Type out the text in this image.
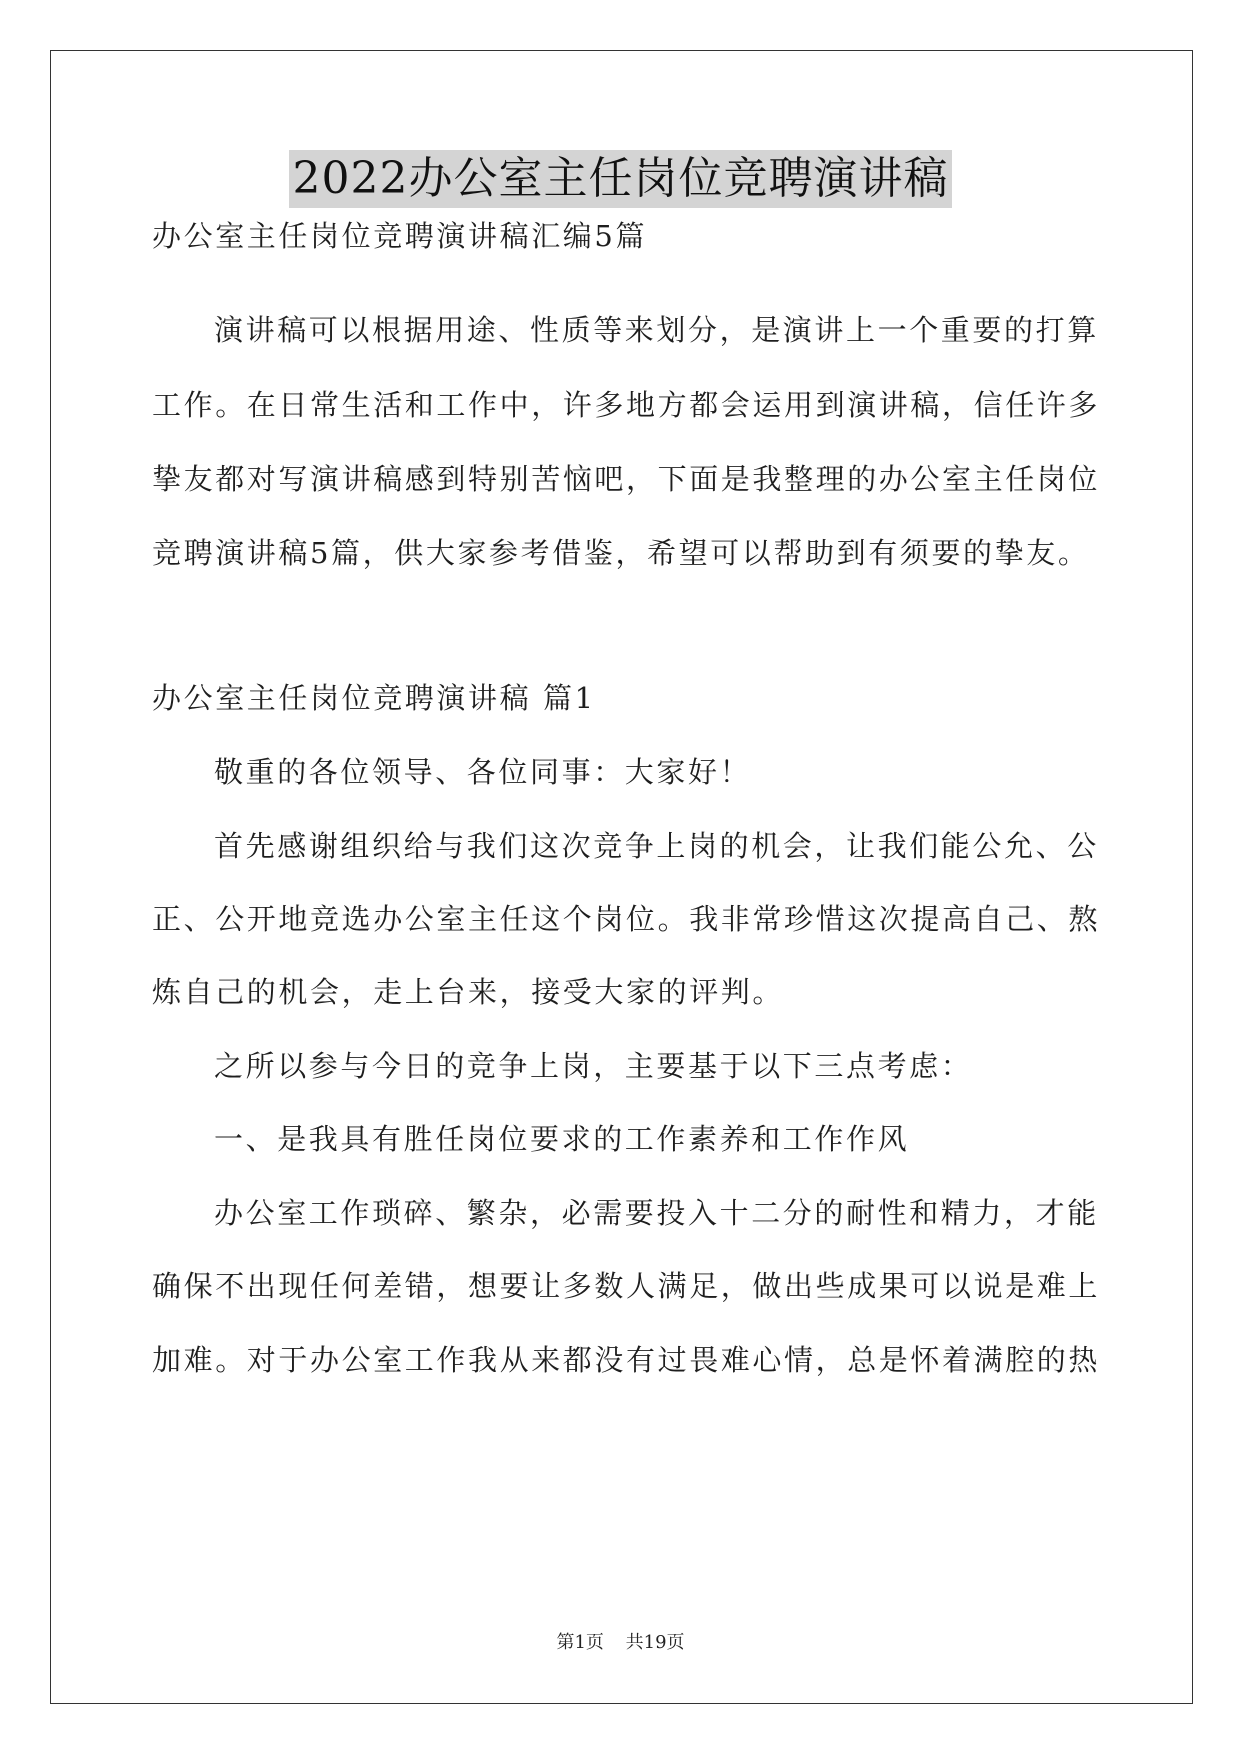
2022办公室主任岗位竞聘演讲稿
办公室主任岗位竞聘演讲稿汇编5篇
演讲稿可以根据用途、性质等来划分，是演讲上一个重要的打算
工作。在日常生活和工作中，许多地方都会运用到演讲稿，信任许多
挚友都对写演讲稿感到特别苦恼吧，下面是我整理的办公室主任岗位
竞聘演讲稿5篇，供大家参考借鉴，希望可以帮助到有须要的挚友。
办公室主任岗位竞聘演讲稿 篇1
敬重的各位领导、各位同事：大家好！
首先感谢组织给与我们这次竞争上岗的机会，让我们能公允、公
正、公开地竞选办公室主任这个岗位。我非常珍惜这次提高自己、熬
炼自己的机会，走上台来，接受大家的评判。
之所以参与今日的竞争上岗，主要基于以下三点考虑：
一、是我具有胜任岗位要求的工作素养和工作作风
办公室工作琐碎、繁杂，必需要投入十二分的耐性和精力，才能
确保不出现任何差错，想要让多数人满足，做出些成果可以说是难上
加难。对于办公室工作我从来都没有过畏难心情，总是怀着满腔的热
第1页 共19页
